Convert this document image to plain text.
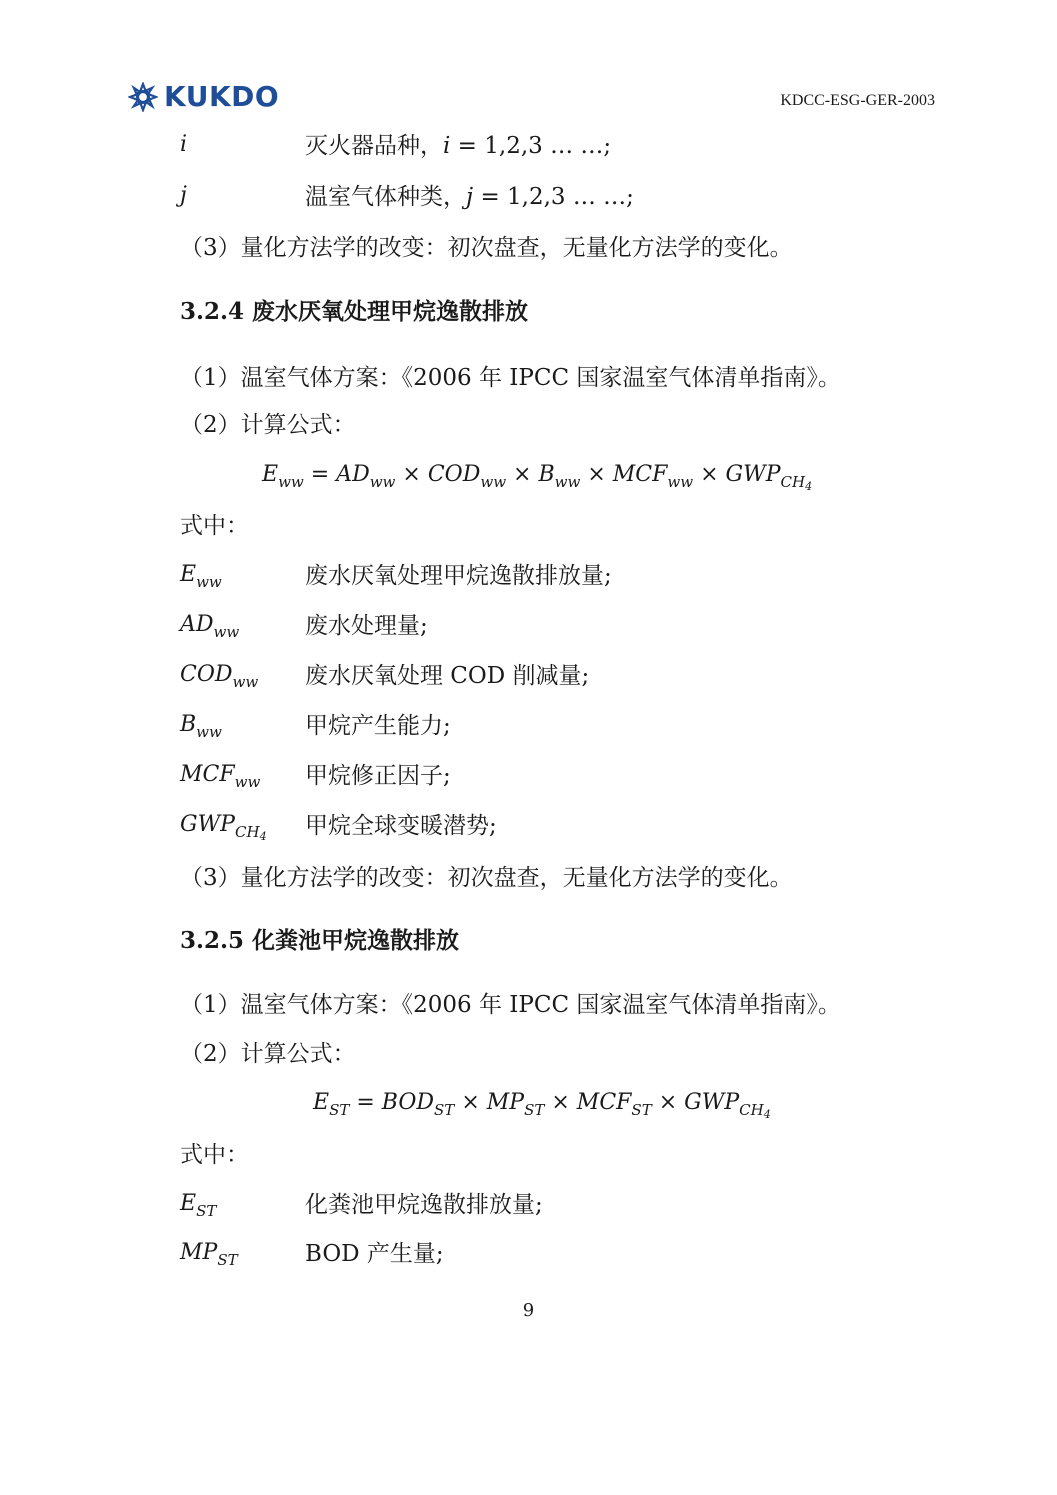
KUKDO	KDCC-ESG-GER-2003
i	灭火器品种，i = 1,2,3 … …;
j	温室气体种类，j = 1,2,3 … …;
（3）量化方法学的改变：初次盘查，无量化方法学的变化。
3.2.4 废水厌氧处理甲烷逸散排放
（1）温室气体方案：《2006 年 IPCC 国家温室气体清单指南》。
（2）计算公式：
$E_{ww} = AD_{ww} \times COD_{ww} \times B_{ww} \times MCF_{ww} \times GWP_{CH_4}$
式中：
$E_{ww}$	废水厌氧处理甲烷逸散排放量;
$AD_{ww}$	废水处理量;
$COD_{ww}$ 废水厌氧处理 COD 削减量;
$B_{ww}$	甲烷产生能力;
$MCF_{ww}$ 甲烷修正因子;
$GWP_{CH_4}$ 甲烷全球变暖潜势;
（3）量化方法学的改变：初次盘查，无量化方法学的变化。
3.2.5 化粪池甲烷逸散排放
（1）温室气体方案：《2006 年 IPCC 国家温室气体清单指南》。
（2）计算公式：
$E_{ST} = BOD_{ST} \times MP_{ST} \times MCF_{ST} \times GWP_{CH_4}$
式中：
$E_{ST}$	化粪池甲烷逸散排放量;
$MP_{ST}$	BOD 产生量;
9
